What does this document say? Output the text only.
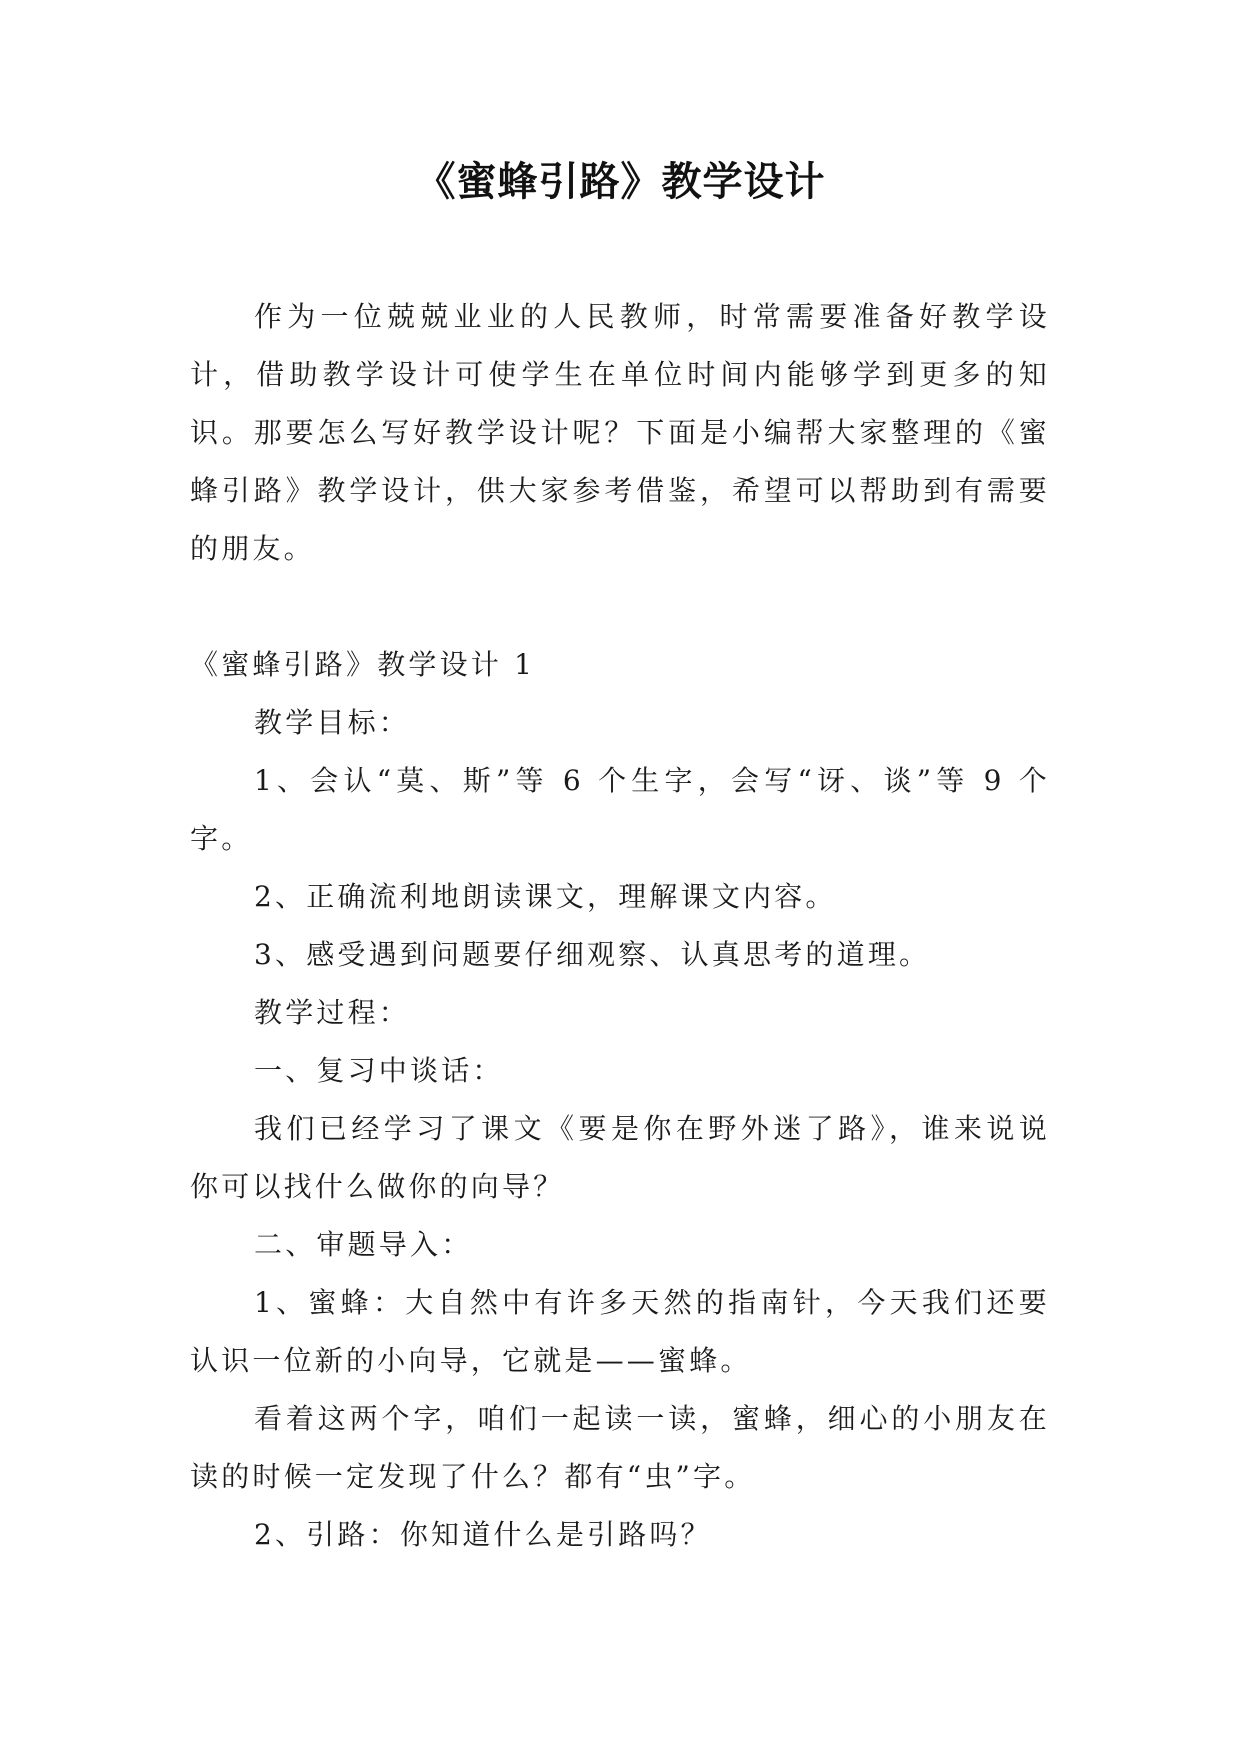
《蜜蜂引路》教学设计

作为一位兢兢业业的人民教师，时常需要准备好教学设计，借助教学设计可使学生在单位时间内能够学到更多的知识。那要怎么写好教学设计呢？下面是小编帮大家整理的《蜜蜂引路》教学设计，供大家参考借鉴，希望可以帮助到有需要的朋友。

《蜜蜂引路》教学设计 1

教学目标：

1、会认“莫、斯”等 6 个生字，会写“讶、谈”等 9 个字。

2、正确流利地朗读课文，理解课文内容。

3、感受遇到问题要仔细观察、认真思考的道理。

教学过程：

一、复习中谈话：

我们已经学习了课文《要是你在野外迷了路》，谁来说说你可以找什么做你的向导？

二、审题导入：

1、蜜蜂：大自然中有许多天然的指南针，今天我们还要认识一位新的小向导，它就是——蜜蜂。

看着这两个字，咱们一起读一读，蜜蜂，细心的小朋友在读的时候一定发现了什么？都有“虫”字。

2、引路：你知道什么是引路吗？
